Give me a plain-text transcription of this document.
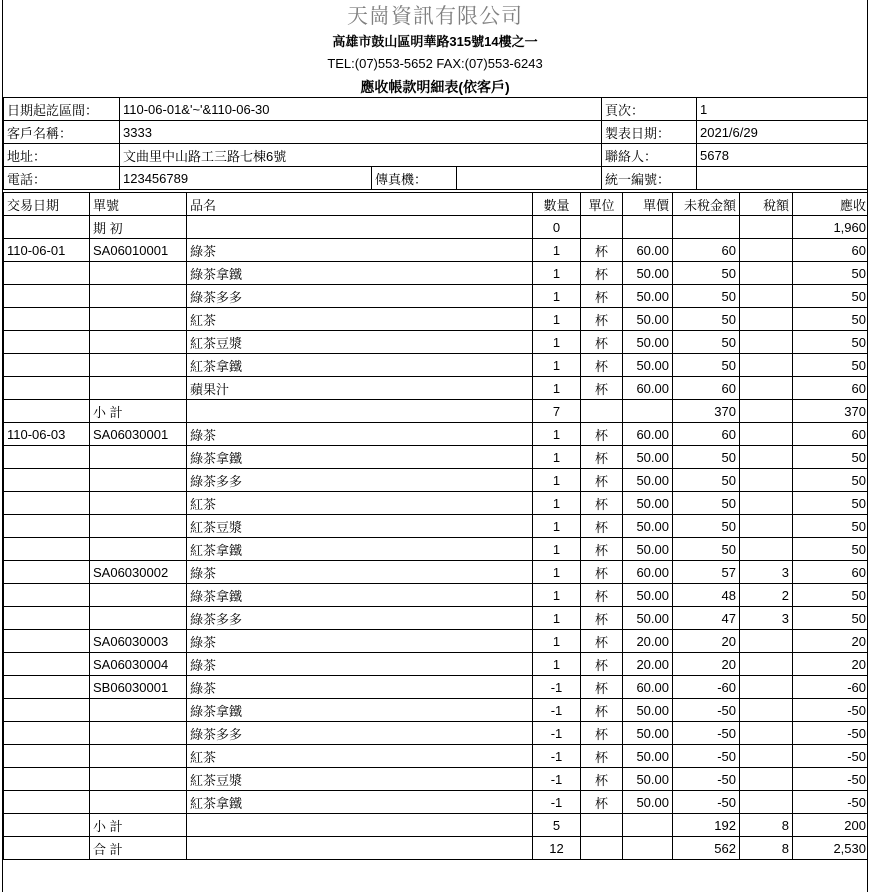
天崗資訊有限公司
高雄市鼓山區明華路315號14樓之一
TEL:(07)553-5652 FAX:(07)553-6243
應收帳款明細表(依客戶)
日期起訖區間：	110-06-01&'~'&110-06-30			頁次：	1
客戶名稱：	3333			製表日期：	2021/6/29
地址：	文曲里中山路工三路七棟6號			聯絡人：	5678
電話：	123456789	傳真機：		統一編號：	
交易日期	單號	品名	數量	單位	單價	未稅金額	稅額	應收
	期 初		0					1,960
110-06-01	SA06010001	綠茶	1	杯	60.00	60		60
		綠茶拿鐵	1	杯	50.00	50		50
		綠茶多多	1	杯	50.00	50		50
		紅茶	1	杯	50.00	50		50
		紅茶豆漿	1	杯	50.00	50		50
		紅茶拿鐵	1	杯	50.00	50		50
		蘋果汁	1	杯	60.00	60		60
	小 計		7			370		370
110-06-03	SA06030001	綠茶	1	杯	60.00	60		60
		綠茶拿鐵	1	杯	50.00	50		50
		綠茶多多	1	杯	50.00	50		50
		紅茶	1	杯	50.00	50		50
		紅茶豆漿	1	杯	50.00	50		50
		紅茶拿鐵	1	杯	50.00	50		50
	SA06030002	綠茶	1	杯	60.00	57	3	60
		綠茶拿鐵	1	杯	50.00	48	2	50
		綠茶多多	1	杯	50.00	47	3	50
	SA06030003	綠茶	1	杯	20.00	20		20
	SA06030004	綠茶	1	杯	20.00	20		20
	SB06030001	綠茶	-1	杯	60.00	-60		-60
		綠茶拿鐵	-1	杯	50.00	-50		-50
		綠茶多多	-1	杯	50.00	-50		-50
		紅茶	-1	杯	50.00	-50		-50
		紅茶豆漿	-1	杯	50.00	-50		-50
		紅茶拿鐵	-1	杯	50.00	-50		-50
	小 計		5			192	8	200
	合 計		12			562	8	2,530
